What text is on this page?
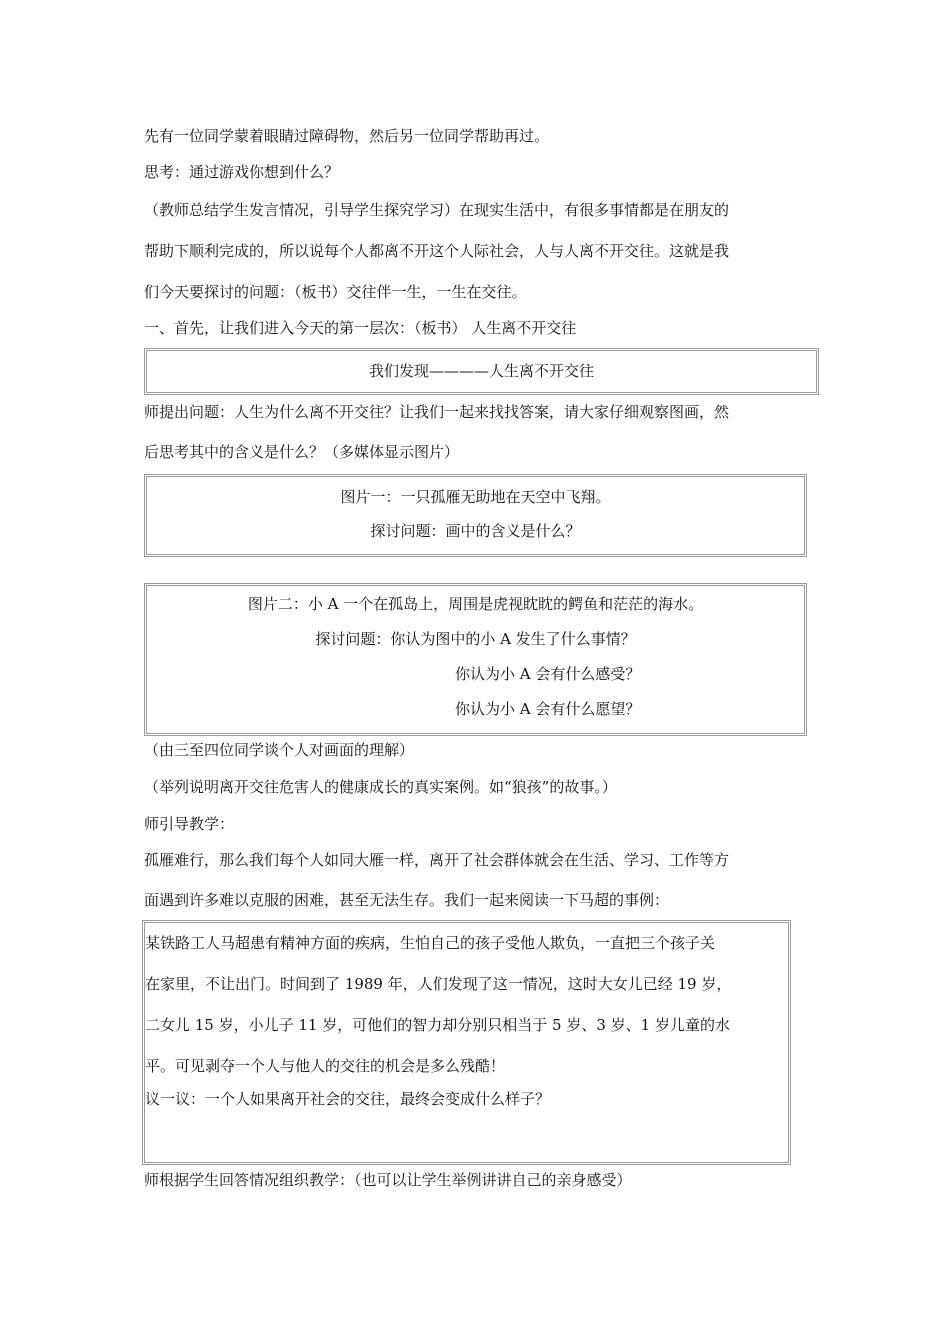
先有一位同学蒙着眼睛过障碍物，然后另一位同学帮助再过。
思考：通过游戏你想到什么？
（教师总结学生发言情况，引导学生探究学习）在现实生活中，有很多事情都是在朋友的
帮助下顺利完成的，所以说每个人都离不开这个人际社会，人与人离不开交往。这就是我
们今天要探讨的问题：（板书）交往伴一生，一生在交往。
一、首先，让我们进入今天的第一层次：（板书） 人生离不开交往
我们发现————人生离不开交往
师提出问题：人生为什么离不开交往？让我们一起来找找答案，请大家仔细观察图画，然
后思考其中的含义是什么？（多媒体显示图片）
图片一：一只孤雁无助地在天空中飞翔。
探讨问题：画中的含义是什么？
图片二：小 A 一个在孤岛上，周围是虎视眈眈的鳄鱼和茫茫的海水。
探讨问题：你认为图中的小 A 发生了什么事情？
你认为小 A 会有什么感受？
你认为小 A 会有什么愿望？
（由三至四位同学谈个人对画面的理解）
（举列说明离开交往危害人的健康成长的真实案例。如“狼孩”的故事。）
师引导教学：
孤雁难行，那么我们每个人如同大雁一样，离开了社会群体就会在生活、学习、工作等方
面遇到许多难以克服的困难，甚至无法生存。我们一起来阅读一下马超的事例：
某铁路工人马超患有精神方面的疾病，生怕自己的孩子受他人欺负，一直把三个孩子关
在家里，不让出门。时间到了 1989 年，人们发现了这一情况，这时大女儿已经 19 岁，
二女儿 15 岁，小儿子 11 岁，可他们的智力却分别只相当于 5 岁、3 岁、1 岁儿童的水
平。可见剥夺一个人与他人的交往的机会是多么残酷！
议一议：一个人如果离开社会的交往，最终会变成什么样子？
师根据学生回答情况组织教学：（也可以让学生举例讲讲自己的亲身感受）
